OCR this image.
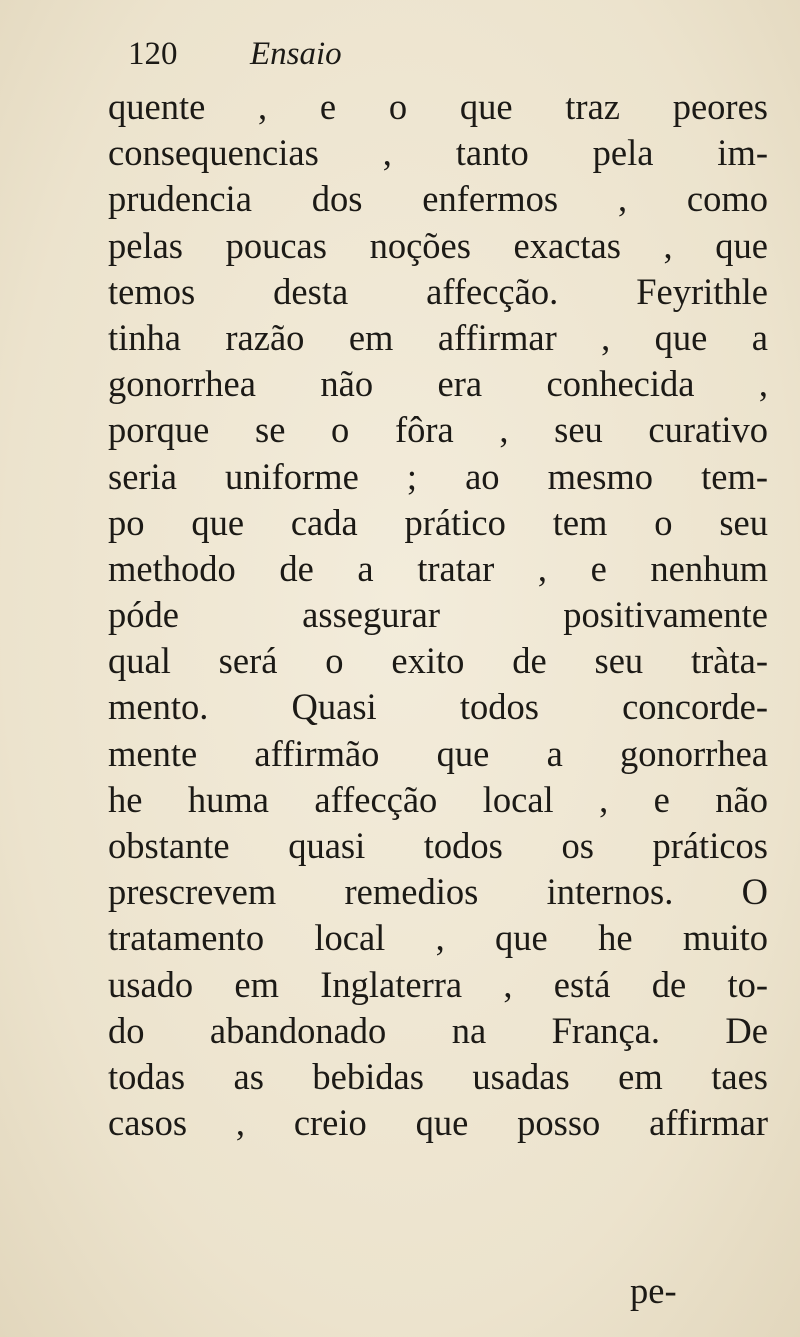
120 Ensaio
quente , e o que traz peores
consequencias , tanto pela im-
prudencia dos enfermos , como
pelas poucas noções exactas , que
temos desta affecção. Feyrithle
tinha razão em affirmar , que a
gonorrhea não era conhecida ,
porque se o fôra , seu curativo
seria uniforme ; ao mesmo tem-
po que cada prático tem o seu
methodo de a tratar , e nenhum
póde assegurar positivamente
qual será o exito de seu tràta-
mento. Quasi todos concorde-
mente affirmão que a gonorrhea
he huma affecção local , e não
obstante quasi todos os práticos
prescrevem remedios internos. O
tratamento local , que he muito
usado em Inglaterra , está de to-
do abandonado na França. De
todas as bebidas usadas em taes
casos , creio que posso affirmar
pe-
